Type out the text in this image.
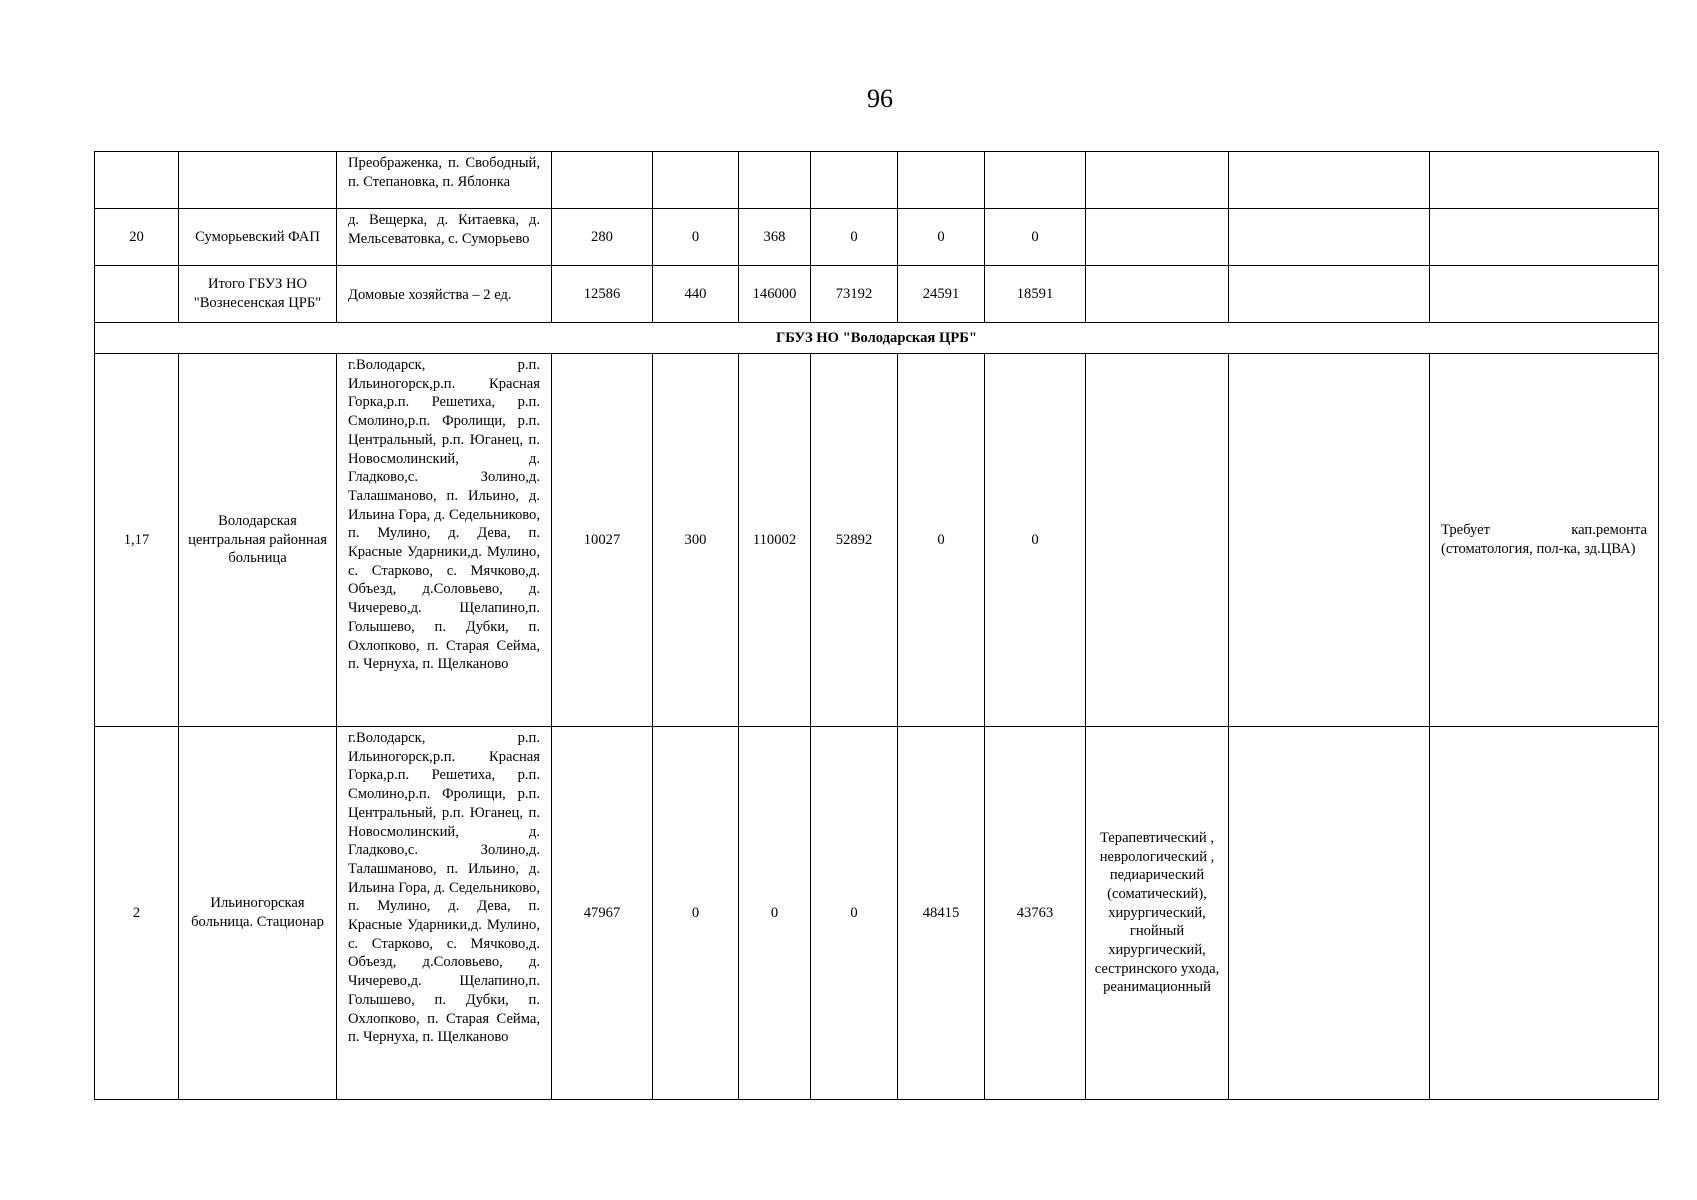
96
		Преображенка, п. Свободный, п. Степановка, п. Яблонка									
20	Суморьевский ФАП	д. Вещерка, д. Китаевка, д. Мельсеватовка, с. Суморьево	280	0	368	0	0	0			
	Итого ГБУЗ НО "Вознесенская ЦРБ"	Домовые хозяйства – 2 ед.	12586	440	146000	73192	24591	18591			
ГБУЗ НО "Володарская ЦРБ"											
1,17	Володарская центральная районная больница	г.Володарск, р.п. Ильиногорск,р.п. Красная Горка,р.п. Решетиха, р.п. Смолино,р.п. Фролищи, р.п. Центральный, р.п. Юганец, п. Новосмолинский, д. Гладково,с. Золино,д. Талашманово, п. Ильино, д. Ильина Гора, д. Седельниково, п. Мулино, д. Дева, п. Красные Ударники,д. Мулино, с. Старково, с. Мячково,д. Объезд, д.Соловьево, д. Чичерево,д. Щелапино,п. Голышево, п. Дубки, п. Охлопково, п. Старая Сейма, п. Чернуха, п. Щелканово	10027	300	110002	52892	0	0			Требует кап.ремонта (стоматология, пол-ка, зд.ЦВА)
2	Ильиногорская больница. Стационар	г.Володарск, р.п. Ильиногорск,р.п. Красная Горка,р.п. Решетиха, р.п. Смолино,р.п. Фролищи, р.п. Центральный, р.п. Юганец, п. Новосмолинский, д. Гладково,с. Золино,д. Талашманово, п. Ильино, д. Ильина Гора, д. Седельниково, п. Мулино, д. Дева, п. Красные Ударники,д. Мулино, с. Старково, с. Мячково,д. Объезд, д.Соловьево, д. Чичерево,д. Щелапино,п. Голышево, п. Дубки, п. Охлопково, п. Старая Сейма, п. Чернуха, п. Щелканово	47967	0	0	0	48415	43763	Терапевтический , неврологический , педиарический (соматический), хирургический, гнойный хирургический, сестринского ухода, реанимационный		
